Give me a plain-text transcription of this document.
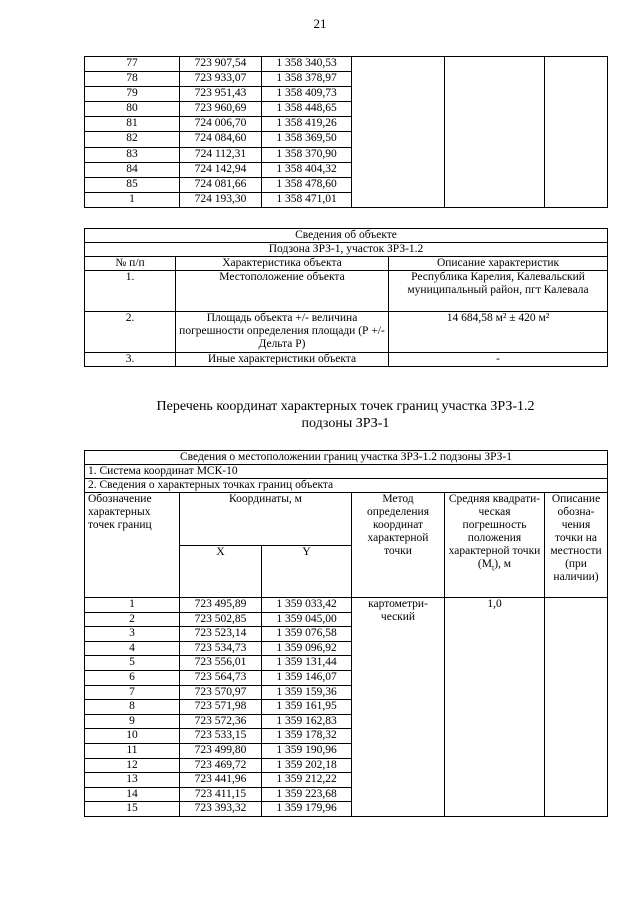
21
77	723 907,54	1 358 340,53			
78	723 933,07	1 358 378,97			
79	723 951,43	1 358 409,73			
80	723 960,69	1 358 448,65			
81	724 006,70	1 358 419,26			
82	724 084,60	1 358 369,50			
83	724 112,31	1 358 370,90			
84	724 142,94	1 358 404,32			
85	724 081,66	1 358 478,60			
1	724 193,30	1 358 471,01			
Сведения об объекте		
Подзона ЗРЗ-1, участок ЗРЗ-1.2		
№ п/п	Характеристика объекта	Описание характеристик
1.	Местоположение объекта	Республика Карелия, Калевальский муниципальный район, пгт Калевала
2.	Площадь объекта +/- величина погрешности определения площади (Р +/- Дельта Р)	14 684,58 м² ± 420 м²
3.	Иные характеристики объекта	-
Перечень координат характерных точек границ участка ЗРЗ-1.2
подзоны ЗРЗ-1
Сведения о местоположении границ участка ЗРЗ-1.2 подзоны ЗРЗ-1					
1. Система координат МСК-10					
2. Сведения о характерных точках границ объекта					
Обозначение характерных точек границ	Координаты, м		Метод определения координат характерной точки	Средняя квадрати-ческая погрешность положения характерной точки $(M_t)$, м	Описание обозна-чения точки на местности (при наличии)
	X	Y			
1	723 495,89	1 359 033,42	картометри-ческий	1,0	
2	723 502,85	1 359 045,00			
3	723 523,14	1 359 076,58			
4	723 534,73	1 359 096,92			
5	723 556,01	1 359 131,44			
6	723 564,73	1 359 146,07			
7	723 570,97	1 359 159,36			
8	723 571,98	1 359 161,95			
9	723 572,36	1 359 162,83			
10	723 533,15	1 359 178,32			
11	723 499,80	1 359 190,96			
12	723 469,72	1 359 202,18			
13	723 441,96	1 359 212,22			
14	723 411,15	1 359 223,68			
15	723 393,32	1 359 179,96			
